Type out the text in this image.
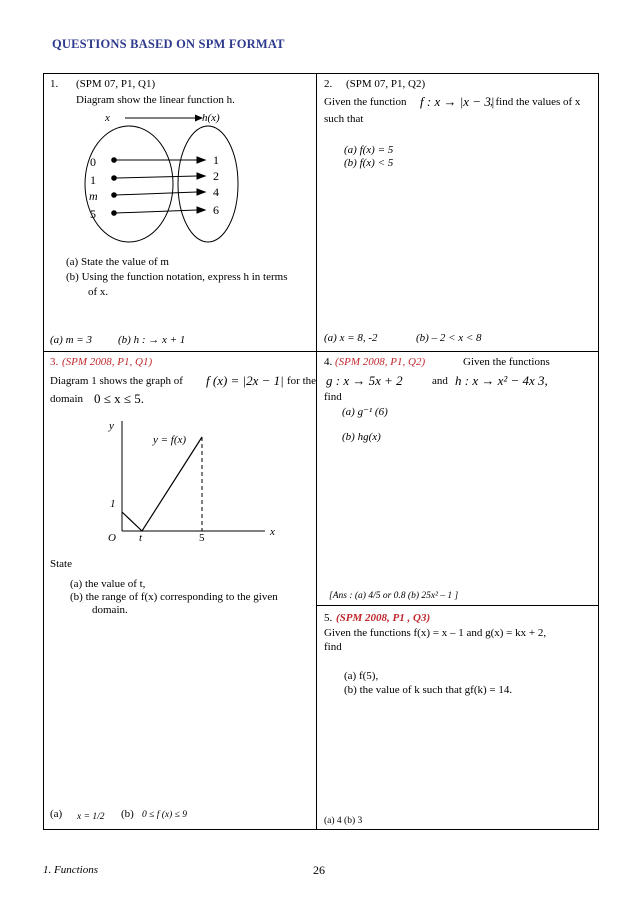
QUESTIONS BASED ON SPM FORMAT
1. (SPM 07, P1, Q1)
Diagram show the linear function h.
x	h(x)
0
1
m
5
1
2
4
6
(a) State the value of m
(b) Using the function notation, express h in terms
of x.
(a) m = 3 (b) h : → x + 1
2. (SPM 07, P1, Q2)
Given the function f : x → |x − 3|
, find the values of x
such that
(a) f(x) = 5
(b) f(x) < 5
(a) x = 8, -2	(b) – 2 < x < 8
3. (SPM 2008, P1, Q1)
Diagram 1 shows the graph of f (x) = |2x − 1| for the
domain 0 ≤ x ≤ 5.
y
x
O t	5
1
y = f(x)
State
(a) the value of t,
(b) the range of f(x) corresponding to the given
domain.
(a) x = 1/2 (b) 0 ≤ f (x) ≤ 9
4. (SPM 2008, P1, Q2)	Given the functions
g : x → 5x + 2	and h : x → x² − 4x 3,
find
(a) g⁻¹ (6)
(b) hg(x)
[Ans : (a) 4/5 or 0.8 (b) 25x² – 1 ]
5. (SPM 2008, P1 , Q3)
Given the functions f(x) = x – 1 and g(x) = kx + 2,
find
(a) f(5),
(b) the value of k such that gf(k) = 14.
(a) 4 (b) 3
1. Functions	26
